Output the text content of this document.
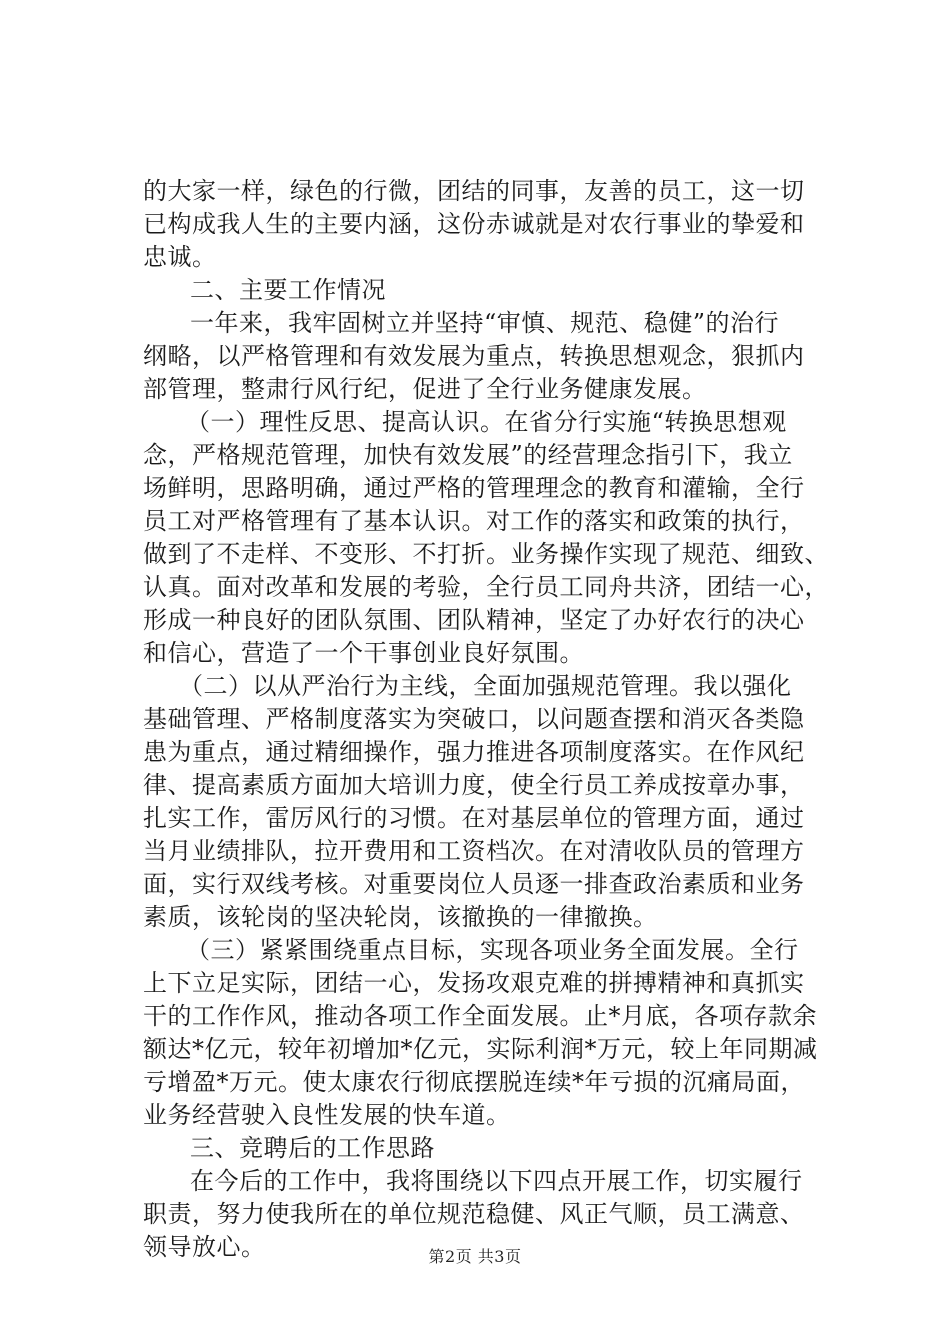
的大家一样，绿色的行微，团结的同事，友善的员工，这一切
已构成我人生的主要内涵，这份赤诚就是对农行事业的挚爱和
忠诚。
二、主要工作情况
一年来，我牢固树立并坚持“审慎、规范、稳健”的治行
纲略，以严格管理和有效发展为重点，转换思想观念，狠抓内
部管理，整肃行风行纪，促进了全行业务健康发展。
（一）理性反思、提高认识。在省分行实施“转换思想观
念，严格规范管理，加快有效发展”的经营理念指引下，我立
场鲜明，思路明确，通过严格的管理理念的教育和灌输，全行
员工对严格管理有了基本认识。对工作的落实和政策的执行，
做到了不走样、不变形、不打折。业务操作实现了规范、细致、
认真。面对改革和发展的考验，全行员工同舟共济，团结一心，
形成一种良好的团队氛围、团队精神，坚定了办好农行的决心
和信心，营造了一个干事创业良好氛围。
（二）以从严治行为主线，全面加强规范管理。我以强化
基础管理、严格制度落实为突破口，以问题查摆和消灭各类隐
患为重点，通过精细操作，强力推进各项制度落实。在作风纪
律、提高素质方面加大培训力度，使全行员工养成按章办事，
扎实工作，雷厉风行的习惯。在对基层单位的管理方面，通过
当月业绩排队，拉开费用和工资档次。在对清收队员的管理方
面，实行双线考核。对重要岗位人员逐一排查政治素质和业务
素质，该轮岗的坚决轮岗，该撤换的一律撤换。
（三）紧紧围绕重点目标，实现各项业务全面发展。全行
上下立足实际，团结一心，发扬攻艰克难的拼搏精神和真抓实
干的工作作风，推动各项工作全面发展。止*月底，各项存款余
额达*亿元，较年初增加*亿元，实际利润*万元，较上年同期减
亏增盈*万元。使太康农行彻底摆脱连续*年亏损的沉痛局面，
业务经营驶入良性发展的快车道。
三、竞聘后的工作思路
在今后的工作中，我将围绕以下四点开展工作，切实履行
职责，努力使我所在的单位规范稳健、风正气顺，员工满意、
领导放心。	第2页 共3页
